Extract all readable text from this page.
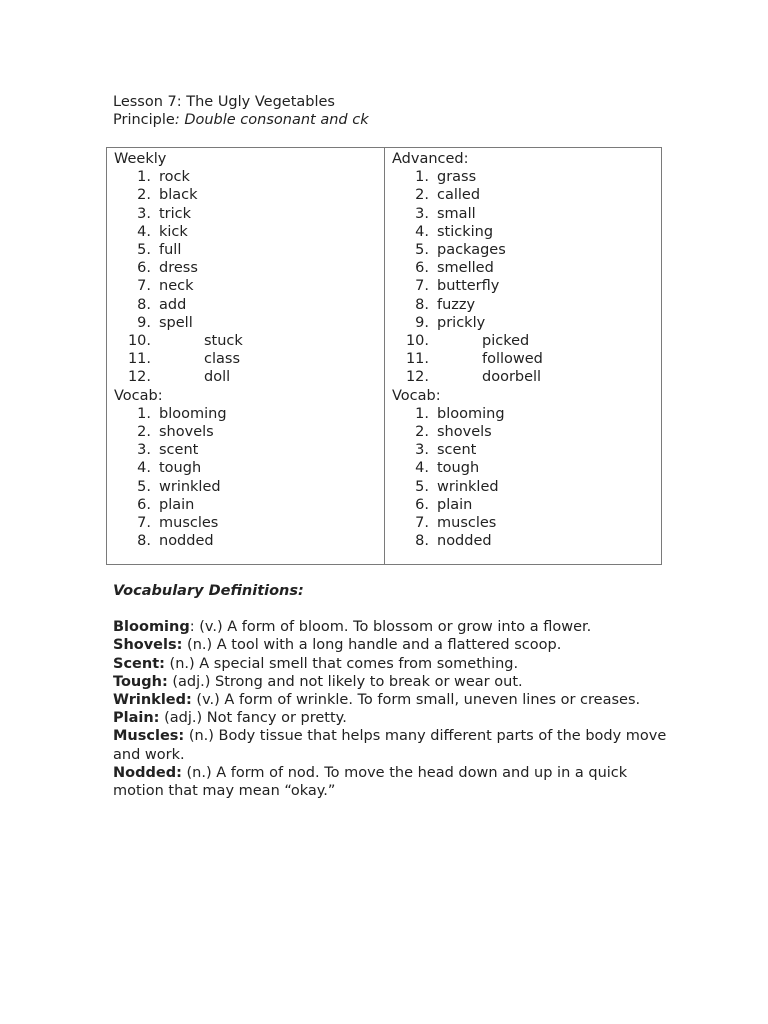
Lesson 7: The Ugly Vegetables
Principle: Double consonant and ck
Weekly
1. rock
2. black
3. trick
4. kick
5. full
6. dress
7. neck
8. add
9. spell
10.	stuck
11.	class
12.	doll
Vocab:
1. blooming
2. shovels
3. scent
4. tough
5. wrinkled
6. plain
7. muscles
8. nodded
Advanced:
1. grass
2. called
3. small
4. sticking
5. packages
6. smelled
7. butterfly
8. fuzzy
9. prickly
10.	picked
11.	followed
12.	doorbell
Vocab:
1. blooming
2. shovels
3. scent
4. tough
5. wrinkled
6. plain
7. muscles
8. nodded
Vocabulary Definitions:

Blooming: (v.) A form of bloom. To blossom or grow into a flower.

Shovels: (n.) A tool with a long handle and a flattered scoop.

Scent: (n.) A special smell that comes from something.

Tough: (adj.) Strong and not likely to break or wear out.

Wrinkled: (v.) A form of wrinkle. To form small, uneven lines or creases.

Plain: (adj.) Not fancy or pretty.

Muscles: (n.) Body tissue that helps many different parts of the body move and work.

Nodded: (n.) A form of nod. To move the head down and up in a quick motion that may mean “okay.”
